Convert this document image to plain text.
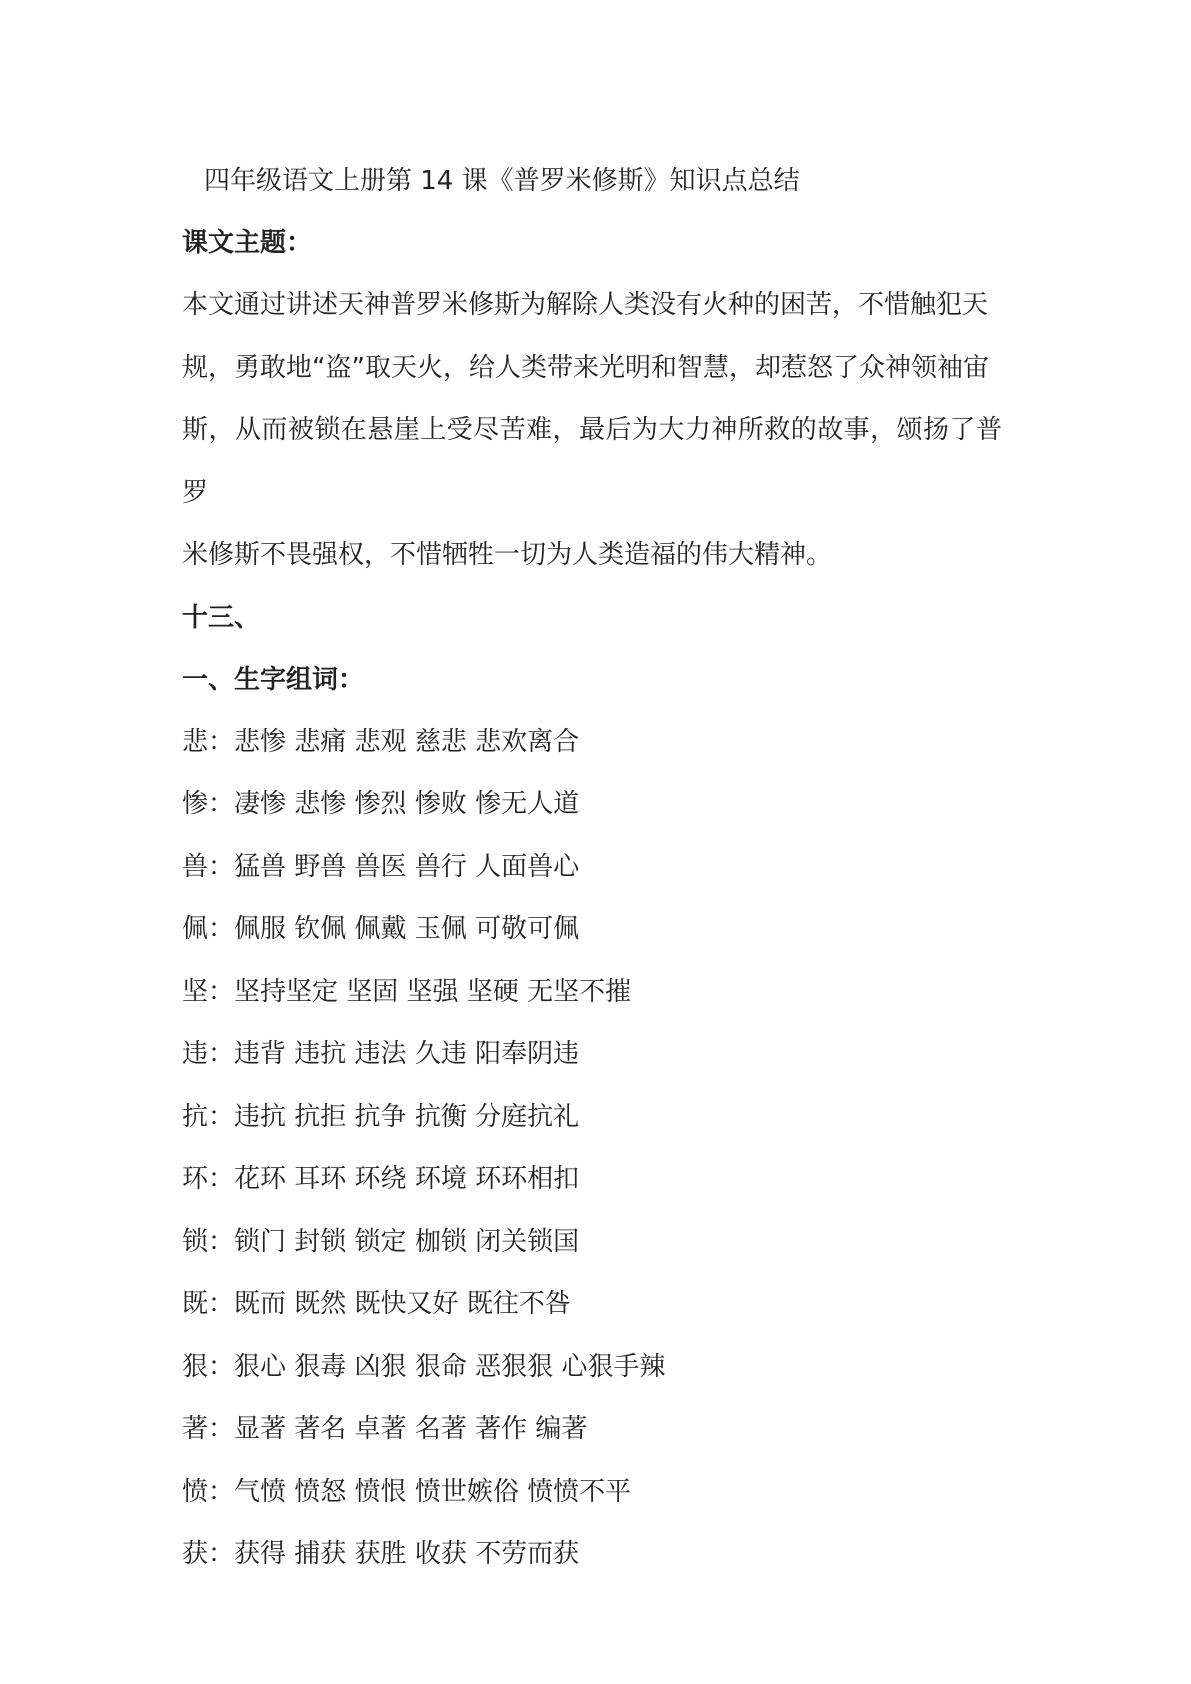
四年级语文上册第 14 课《普罗米修斯》知识点总结

课文主题：

本文通过讲述天神普罗米修斯为解除人类没有火种的困苦，不惜触犯天

规，勇敢地“盗”取天火，给人类带来光明和智慧，却惹怒了众神领袖宙

斯，从而被锁在悬崖上受尽苦难，最后为大力神所救的故事，颂扬了普罗

米修斯不畏强权，不惜牺牲一切为人类造福的伟大精神。

十三、

一、生字组词：

悲：悲惨 悲痛 悲观 慈悲 悲欢离合
惨：凄惨 悲惨 惨烈 惨败 惨无人道
兽：猛兽 野兽 兽医 兽行 人面兽心
佩：佩服 钦佩 佩戴 玉佩 可敬可佩
坚：坚持坚定 坚固 坚强 坚硬 无坚不摧
违：违背 违抗 违法 久违 阳奉阴违
抗：违抗 抗拒 抗争 抗衡 分庭抗礼
环：花环 耳环 环绕 环境 环环相扣
锁：锁门 封锁 锁定 枷锁 闭关锁国
既：既而 既然 既快又好 既往不咎
狠：狠心 狠毒 凶狠 狠命 恶狠狠 心狠手辣
著：显著 著名 卓著 名著 著作 编著
愤：气愤 愤怒 愤恨 愤世嫉俗 愤愤不平
获：获得 捕获 获胜 收获 不劳而获
